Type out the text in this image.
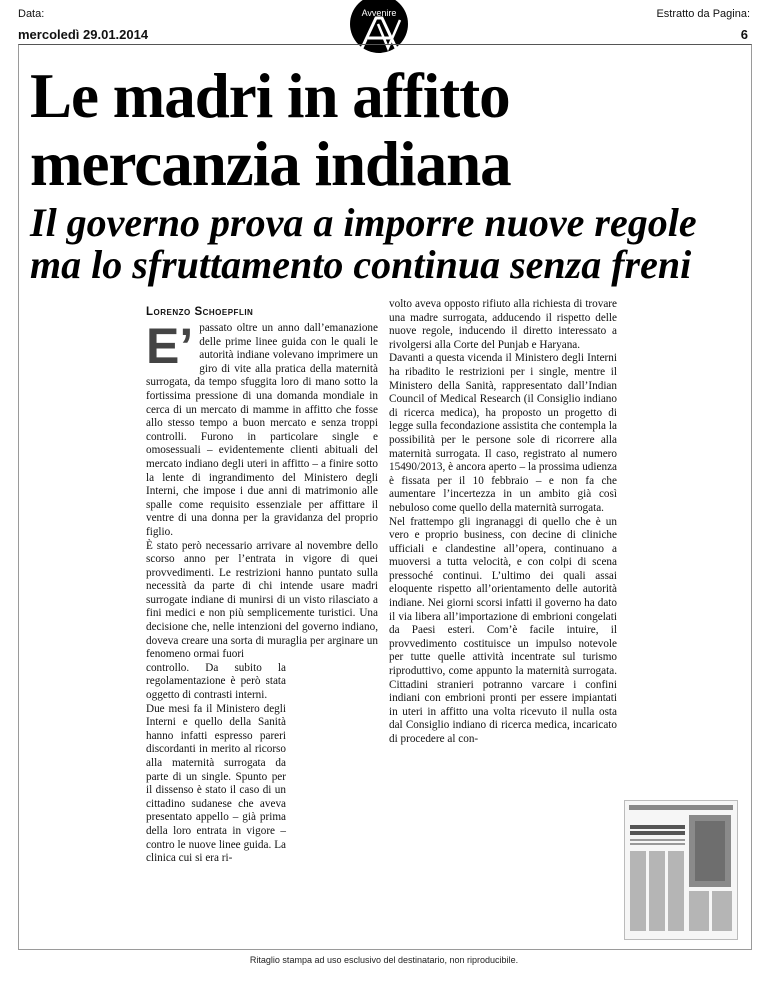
Data:
mercoledì 29.01.2014
Estratto da Pagina:
6
Avvenire
Le madri in affitto
mercanzia indiana
Il governo prova a imporre nuove regole
ma lo sfruttamento continua senza freni
Lorenzo Schoepflin

E’ passato oltre un anno dall’emanazione delle prime linee guida con le quali le autorità indiane volevano imprimere un giro di vite alla pratica della maternità surrogata, da tempo sfuggita loro di mano sotto la fortissima pressione di una domanda mondiale in cerca di un mercato di mamme in affitto che fosse allo stesso tempo a buon mercato e senza troppi controlli. Furono in particolare single e omosessuali – evidentemente clienti abituali del mercato indiano degli uteri in affitto – a finire sotto la lente di ingrandimento del Ministero degli Interni, che impose i due anni di matrimonio alle spalle come requisito essenziale per affittare il ventre di una donna per la gravidanza del proprio figlio.

È stato però necessario arrivare al novembre dello scorso anno per l’entrata in vigore di quei provvedimenti. Le restrizioni hanno puntato sulla necessità da parte di chi intende usare madri surrogate indiane di munirsi di un visto rilasciato a fini medici e non più semplicemente turistici. Una decisione che, nelle intenzioni del governo indiano, doveva creare una sorta di muraglia per arginare un fenomeno ormai fuori

controllo. Da subito la regolamentazione è però stata oggetto di contrasti interni.

Due mesi fa il Ministero degli Interni e quello della Sanità hanno infatti espresso pareri discordanti in merito al ricorso alla maternità surrogata da parte di un single. Spunto per il dissenso è stato il caso di un cittadino sudanese che aveva presentato appello – già prima della loro entrata in vigore – contro le nuove linee guida. La clinica cui si era ri-

volto aveva opposto rifiuto alla richiesta di trovare una madre surrogata, adducendo il rispetto delle nuove regole, inducendo il diretto interessato a rivolgersi alla Corte del Punjab e Haryana.

Davanti a questa vicenda il Ministero degli Interni ha ribadito le restrizioni per i single, mentre il Ministero della Sanità, rappresentato dall’Indian Council of Medical Research (il Consiglio indiano di ricerca medica), ha proposto un progetto di legge sulla fecondazione assistita che contempla la possibilità per le persone sole di ricorrere alla maternità surrogata. Il caso, registrato al numero 15490/2013, è ancora aperto – la prossima udienza è fissata per il 10 febbraio – e non fa che aumentare l’incertezza in un ambito già così nebuloso come quello della maternità surrogata.

Nel frattempo gli ingranaggi di quello che è un vero e proprio business, con decine di cliniche ufficiali e clandestine all’opera, continuano a muoversi a tutta velocità, e con colpi di scena pressoché continui. L’ultimo dei quali assai eloquente rispetto all’orientamento delle autorità indiane. Nei giorni scorsi infatti il governo ha dato il via libera all’importazione di embrioni congelati da Paesi esteri. Com’è facile intuire, il provvedimento costituisce un impulso notevole per tutte quelle attività incentrate sul turismo riproduttivo, come appunto la maternità surrogata. Cittadini stranieri potranno varcare i confini indiani con embrioni pronti per essere impiantati in uteri in affitto una volta ricevuto il nulla osta dal Consiglio indiano di ricerca medica, incaricato di procedere al con-

Ritaglio stampa ad uso esclusivo del destinatario, non riproducibile.
